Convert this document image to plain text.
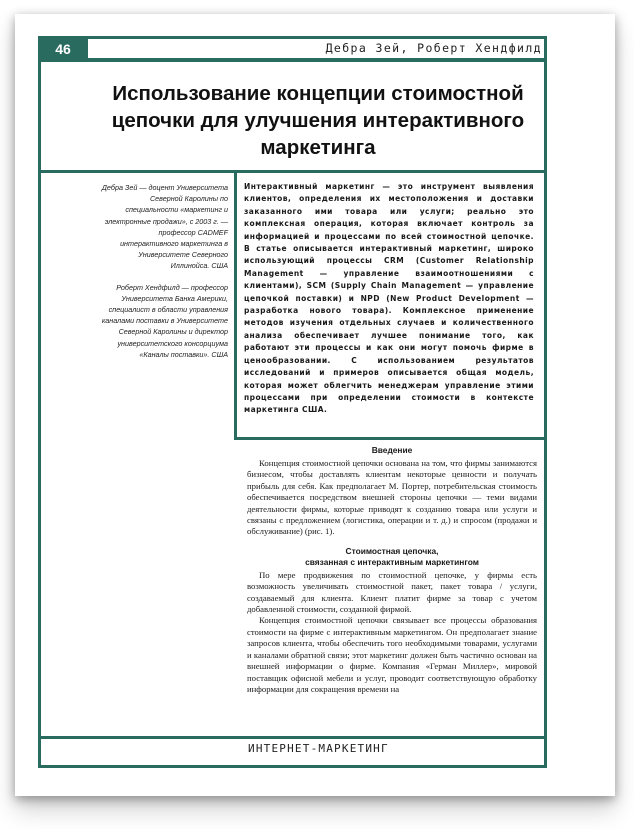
46	Дебра Зей, Роберт Хендфилд
Использование концепции стоимостной цепочки для улучшения интерактивного маркетинга

Дебра Зей — доцент Университета Северной Каролины по специальности «маркетинг и электронные продажи», с 2003 г. — профессор CADMEF интерактивного маркетинга в Университете Северного Иллинойса. США

Роберт Хендфилд — профессор Университета Банка Америки, специалист в области управления каналами поставки в Университете Северной Каролины и директор университетского консорциума «Каналы поставки». США

Интерактивный маркетинг — это инструмент выявления клиентов, определения их местоположения и доставки заказанного ими товара или услуги; реально это комплексная операция, которая включает контроль за информацией и процессами по всей стоимостной цепочке. В статье описывается интерактивный маркетинг, широко использующий процессы CRM (Customer Relationship Management — управление взаимоотношениями с клиентами), SCM (Supply Chain Management — управление цепочкой поставки) и NPD (New Product Development — разработка нового товара). Комплексное применение методов изучения отдельных случаев и количественного анализа обеспечивает лучшее понимание того, как работают эти процессы и как они могут помочь фирме в ценообразовании. С использованием результатов исследований и примеров описывается общая модель, которая может облегчить менеджерам управление этими процессами при определении стоимости в контексте маркетинга США.

Введение

Концепция стоимостной цепочки основана на том, что фирмы занимаются бизнесом, чтобы доставлять клиентам некоторые ценности и получать прибыль для себя. Как предполагает М. Портер, потребительская стоимость обеспечивается посредством внешней стороны цепочки — теми видами деятельности фирмы, которые приводят к созданию товара или услуги и связаны с предложением (логистика, операции и т. д.) и спросом (продажи и обслуживание) (рис. 1).

Стоимостная цепочка,
связанная с интерактивным маркетингом

По мере продвижения по стоимостной цепочке, у фирмы есть возможность увеличивать стоимостной пакет, пакет товара / услуги, создаваемый для клиента. Клиент платит фирме за товар с учетом добавленной стоимости, созданной фирмой.

Концепция стоимостной цепочки связывает все процессы образования стоимости на фирме с интерактивным маркетингом. Он предполагает знание запросов клиента, чтобы обеспечить того необходимыми товарами, услугами и каналами обратной связи; этот маркетинг должен быть частично основан на внешней информации о фирме. Компания «Герман Миллер», мировой поставщик офисной мебели и услуг, проводит соответствующую обработку информации для сокращения времени на

ИНТЕРНЕТ-МАРКЕТИНГ
